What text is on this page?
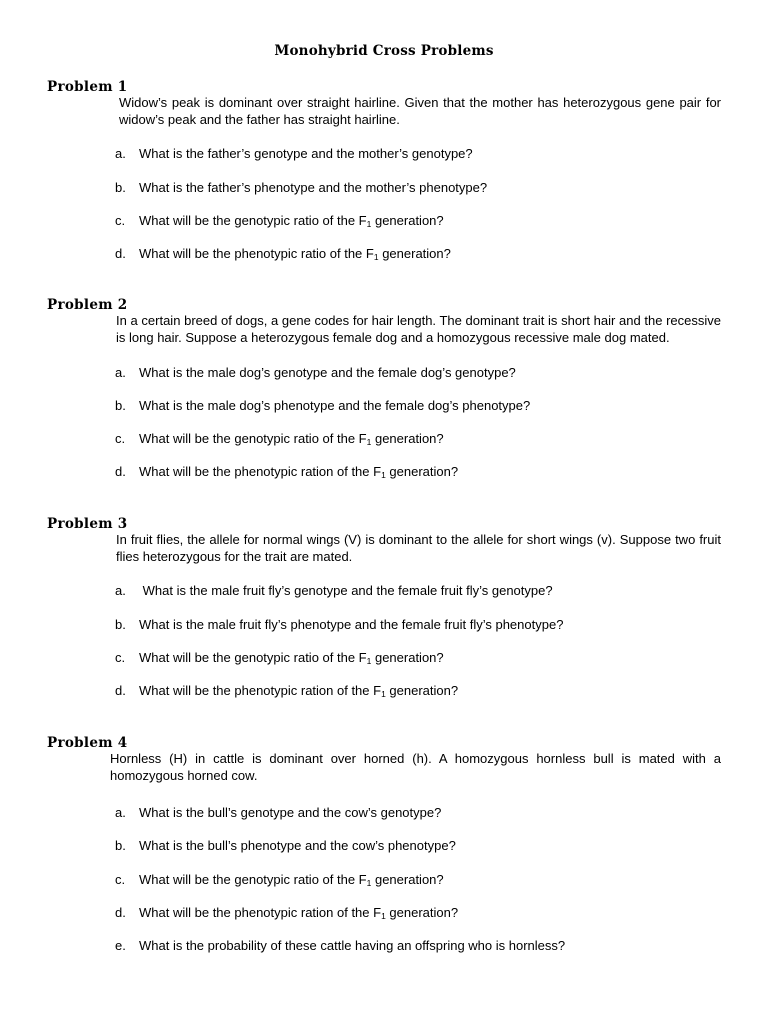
Monohybrid Cross Problems
Problem 1
Widow’s peak is dominant over straight hairline. Given that the mother has heterozygous gene pair for widow’s peak and the father has straight hairline.
a. What is the father’s genotype and the mother’s genotype?
b. What is the father’s phenotype and the mother’s phenotype?
c. What will be the genotypic ratio of the $F_1$ generation?
d. What will be the phenotypic ratio of the $F_1$ generation?
Problem 2
In a certain breed of dogs, a gene codes for hair length. The dominant trait is short hair and the recessive is long hair. Suppose a heterozygous female dog and a homozygous recessive male dog mated.
a. What is the male dog’s genotype and the female dog’s genotype?
b. What is the male dog’s phenotype and the female dog’s phenotype?
c. What will be the genotypic ratio of the $F_1$ generation?
d. What will be the phenotypic ration of the $F_1$ generation?
Problem 3
In fruit flies, the allele for normal wings (V) is dominant to the allele for short wings (v). Suppose two fruit flies heterozygous for the trait are mated.
a. What is the male fruit fly’s genotype and the female fruit fly’s genotype?
b. What is the male fruit fly’s phenotype and the female fruit fly’s phenotype?
c. What will be the genotypic ratio of the $F_1$ generation?
d. What will be the phenotypic ration of the $F_1$ generation?
Problem 4
Hornless (H) in cattle is dominant over horned (h). A homozygous hornless bull is mated with a homozygous horned cow.
a. What is the bull’s genotype and the cow’s genotype?
b. What is the bull’s phenotype and the cow’s phenotype?
c. What will be the genotypic ratio of the $F_1$ generation?
d. What will be the phenotypic ration of the $F_1$ generation?
e. What is the probability of these cattle having an offspring who is hornless?
